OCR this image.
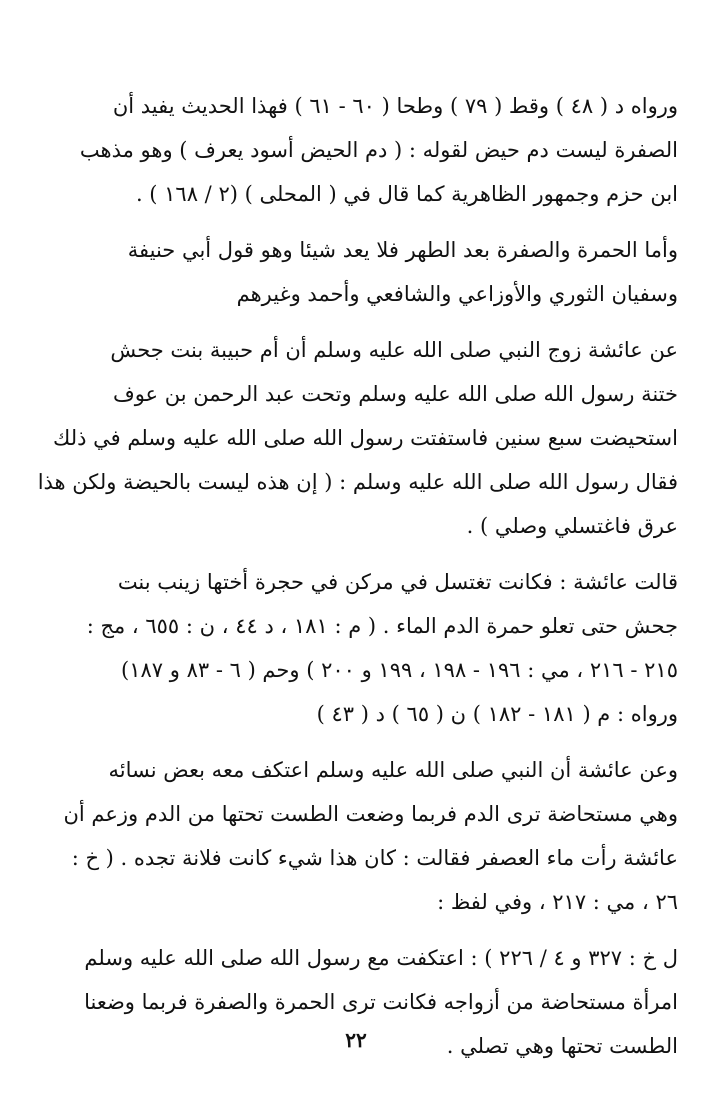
ورواه د ( ٤٨ ) وقط ( ٧٩ ) وطحا ( ٦٠ - ٦١ ) فهذا الحديث يفيد أن
الصفرة ليست دم حيض لقوله : ( دم الحيض أسود يعرف ) وهو مذهب
ابن حزم وجمهور الظاهرية كما قال في ( المحلى ) (٢ / ١٦٨ ) .

وأما الحمرة والصفرة بعد الطهر فلا يعد شيئا وهو قول أبي حنيفة
وسفيان الثوري والأوزاعي والشافعي وأحمد وغيرهم

عن عائشة زوج النبي صلى الله عليه وسلم أن أم حبيبة بنت جحش
ختنة رسول الله صلى الله عليه وسلم وتحت عبد الرحمن بن عوف
استحيضت سبع سنين فاستفتت رسول الله صلى الله عليه وسلم في ذلك
فقال رسول الله صلى الله عليه وسلم : ( إن هذه ليست بالحيضة ولكن هذا
عرق فاغتسلي وصلي ) .

قالت عائشة : فكانت تغتسل في مركن في حجرة أختها زينب بنت
جحش حتى تعلو حمرة الدم الماء . ( م : ١٨١ ، د ٤٤ ، ن : ٦٥٥ ، مج :
٢١٥ - ٢١٦ ، مي : ١٩٦ - ١٩٨ ، ١٩٩ و ٢٠٠ ) وحم ( ٦ - ٨٣ و ١٨٧)
ورواه : م ( ١٨١ - ١٨٢ ) ن ( ٦٥ ) د ( ٤٣ )

وعن عائشة أن النبي صلى الله عليه وسلم اعتكف معه بعض نسائه
وهي مستحاضة ترى الدم فربما وضعت الطست تحتها من الدم وزعم أن
عائشة رأت ماء العصفر فقالت : كان هذا شيء كانت فلانة تجده . ( خ :
٢٦ ، مي : ٢١٧ ، وفي لفظ :

ل خ : ٣٢٧ و ٤ / ٢٢٦ ) : اعتكفت مع رسول الله صلى الله عليه وسلم
امرأة مستحاضة من أزواجه فكانت ترى الحمرة والصفرة فربما وضعنا
الطست تحتها وهي تصلي .

٢٢
